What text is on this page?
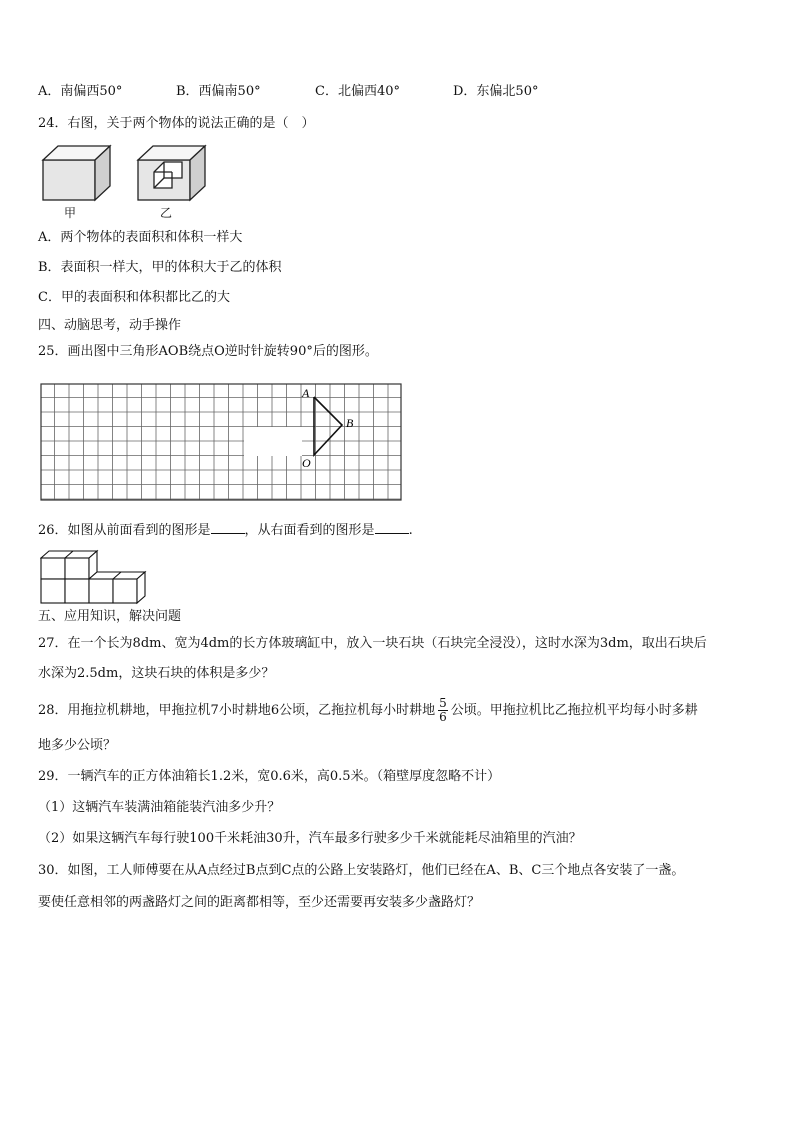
A．南偏西50°	B．西偏南50°	C．北偏西40°	D．东偏北50°
24．右图，关于两个物体的说法正确的是（　）
甲	乙
A．两个物体的表面积和体积一样大
B．表面积一样大，甲的体积大于乙的体积
C．甲的表面积和体积都比乙的大
四、动脑思考，动手操作
25．画出图中三角形AOB绕点O逆时针旋转90°后的图形。
A
B
O
26．如图从前面看到的图形是	，从右面看到的图形是	.
五、应用知识，解决问题
27．在一个长为8dm、宽为4dm的长方体玻璃缸中，放入一块石块（石块完全浸没），这时水深为3dm，取出石块后
水深为2.5dm，这块石块的体积是多少？
28．用拖拉机耕地，甲拖拉机7小时耕地6公顷，乙拖拉机每小时耕地 $\frac{5}{6}$ 公顷。甲拖拉机比乙拖拉机平均每小时多耕
地多少公顷？
29．一辆汽车的正方体油箱长1.2米，宽0.6米，高0.5米。（箱壁厚度忽略不计）
（1）这辆汽车装满油箱能装汽油多少升？
（2）如果这辆汽车每行驶100千米耗油30升，汽车最多行驶多少千米就能耗尽油箱里的汽油？
30．如图，工人师傅要在从A点经过B点到C点的公路上安装路灯，他们已经在A、B、C三个地点各安装了一盏。
要使任意相邻的两盏路灯之间的距离都相等，至少还需要再安装多少盏路灯？
